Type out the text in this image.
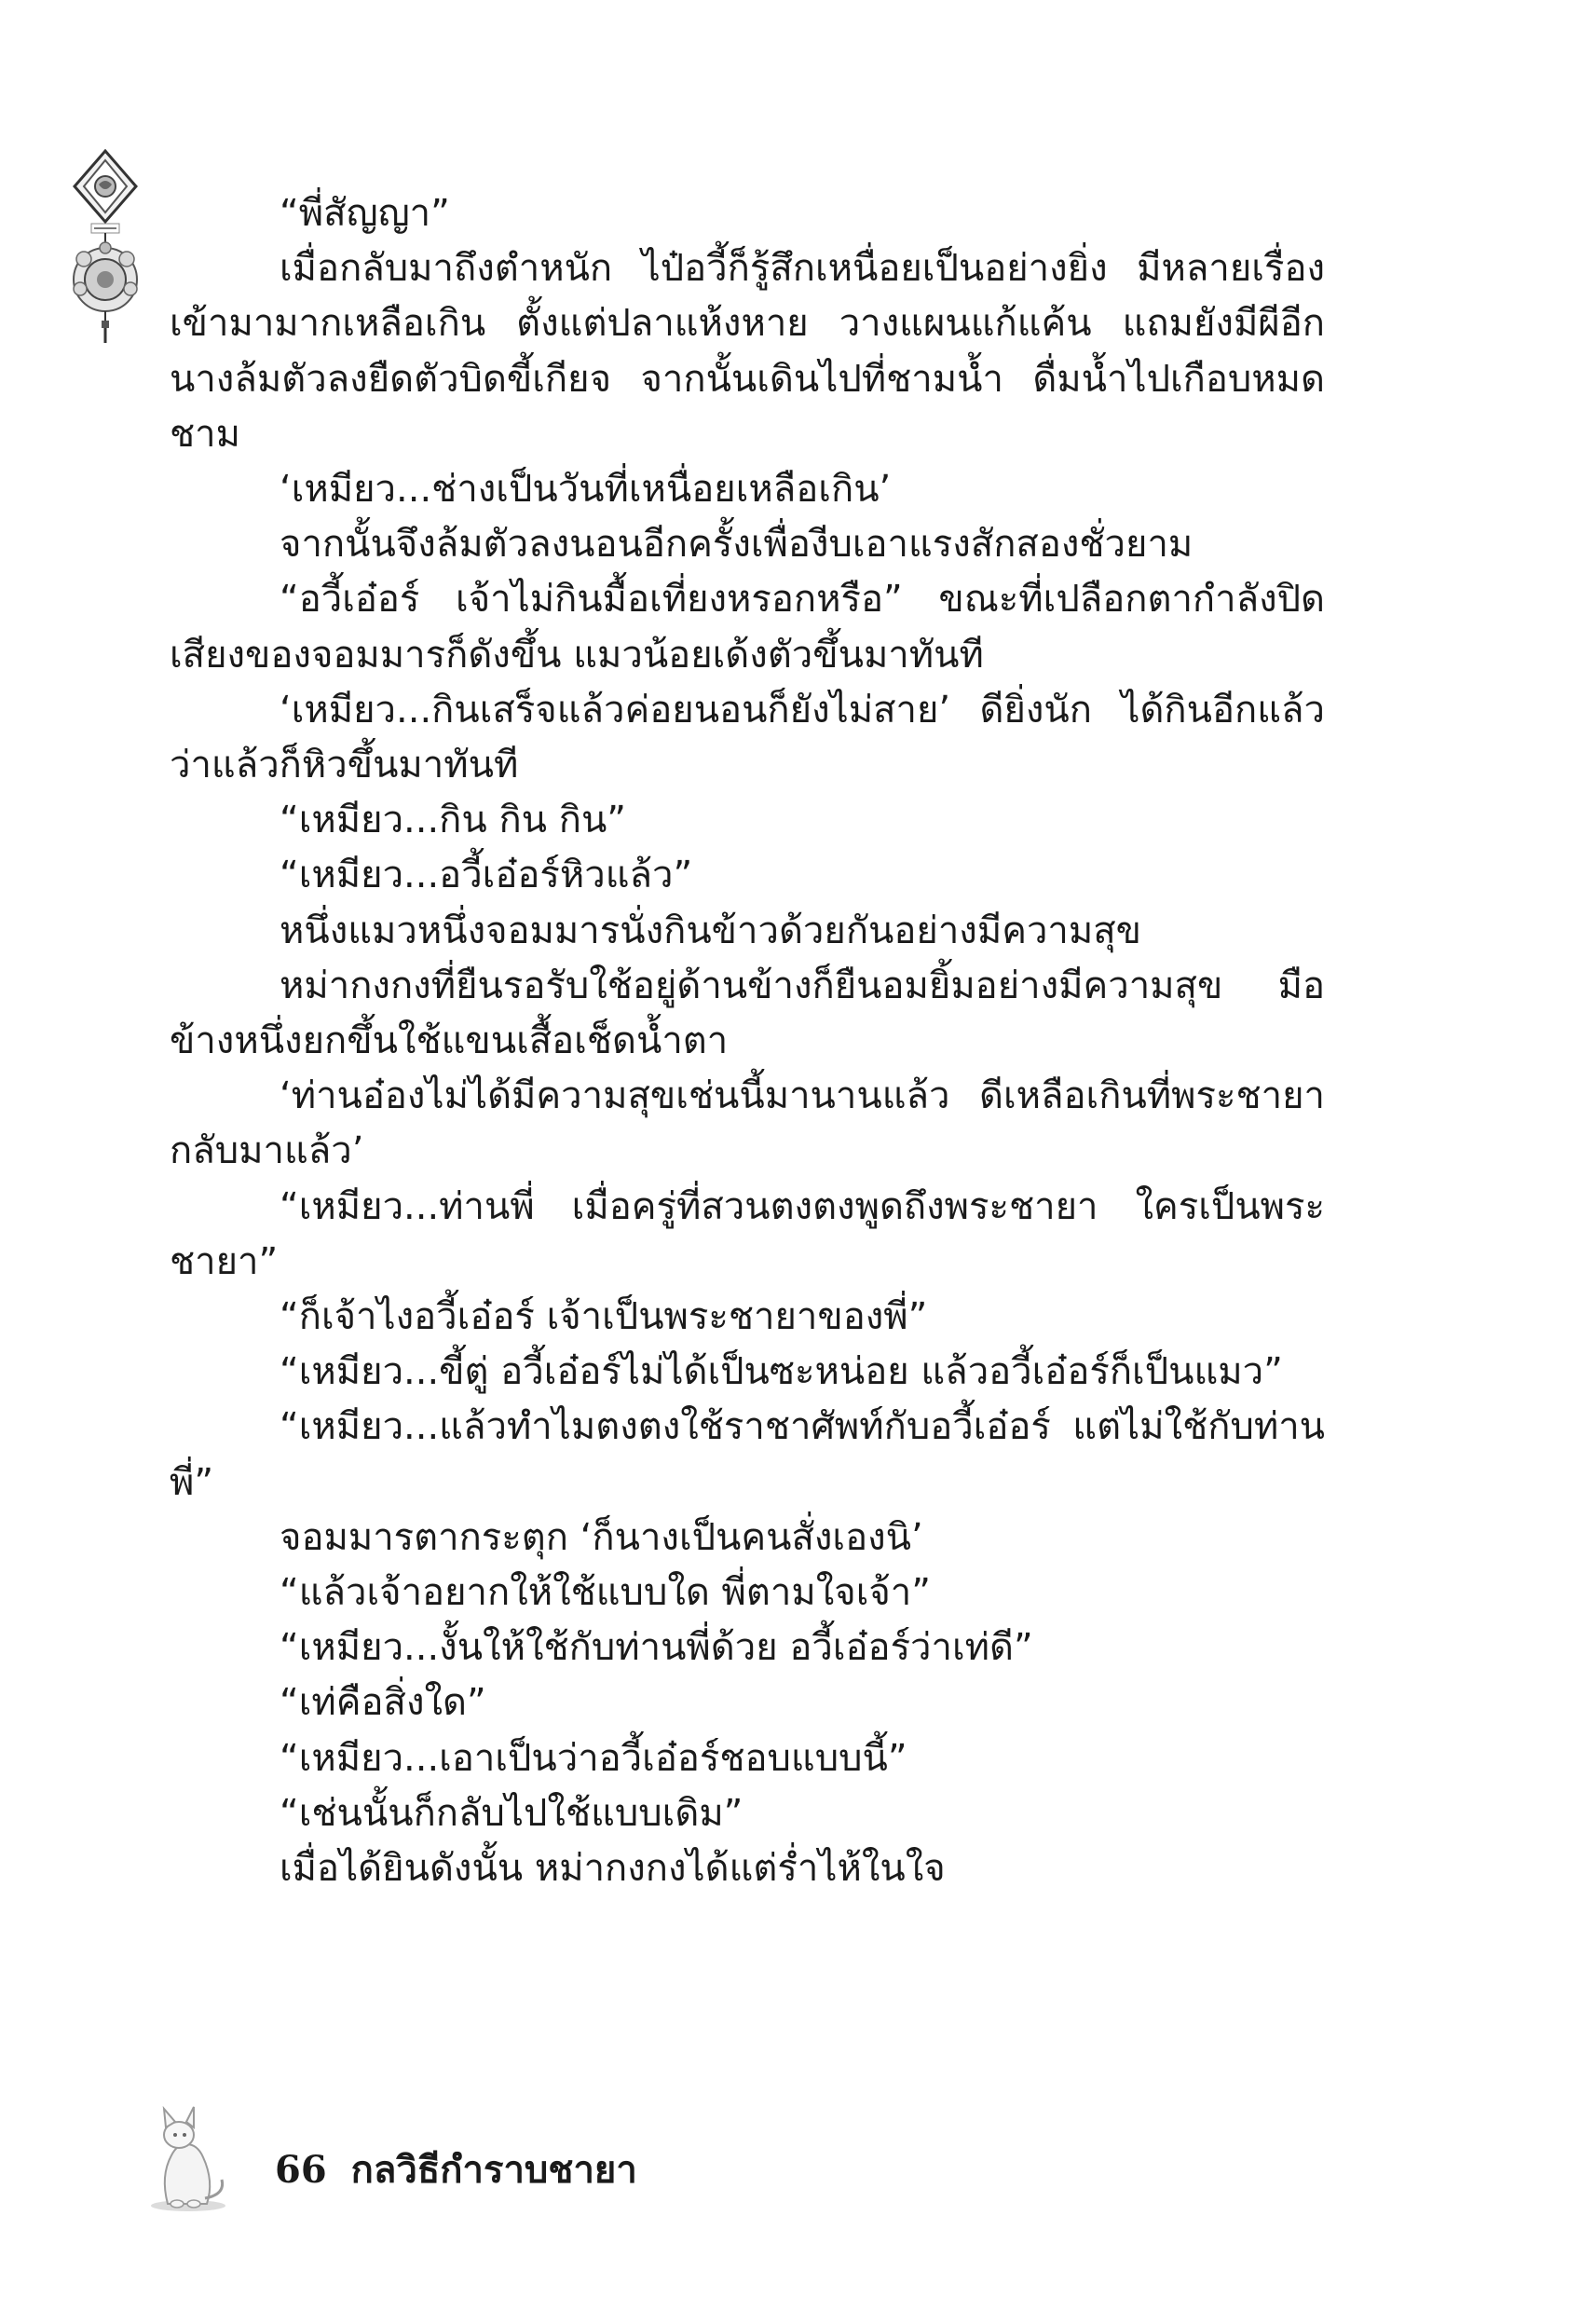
“พี่สัญญา”

เมื่อกลับมาถึงตำหนัก ไป๋อวี้ก็รู้สึกเหนื่อยเป็นอย่างยิ่ง มีหลายเรื่องเข้ามามากเหลือเกิน ตั้งแต่ปลาแห้งหาย วางแผนแก้แค้น แถมยังมีผีอีกนางล้มตัวลงยืดตัวบิดขี้เกียจ จากนั้นเดินไปที่ชามน้ำ ดื่มน้ำไปเกือบหมดชาม

‘เหมียว...ช่างเป็นวันที่เหนื่อยเหลือเกิน’

จากนั้นจึงล้มตัวลงนอนอีกครั้งเพื่องีบเอาแรงสักสองชั่วยาม

“อวี้เอ๋อร์ เจ้าไม่กินมื้อเที่ยงหรอกหรือ” ขณะที่เปลือกตากำลังปิดเสียงของจอมมารก็ดังขึ้น แมวน้อยเด้งตัวขึ้นมาทันที

‘เหมียว...กินเสร็จแล้วค่อยนอนก็ยังไม่สาย’ ดียิ่งนัก ได้กินอีกแล้วว่าแล้วก็หิวขึ้นมาทันที

“เหมียว...กิน กิน กิน”

“เหมียว...อวี้เอ๋อร์หิวแล้ว”

หนึ่งแมวหนึ่งจอมมารนั่งกินข้าวด้วยกันอย่างมีความสุข

หม่ากงกงที่ยืนรอรับใช้อยู่ด้านข้างก็ยืนอมยิ้มอย่างมีความสุข มือข้างหนึ่งยกขึ้นใช้แขนเสื้อเช็ดน้ำตา

‘ท่านอ๋องไม่ได้มีความสุขเช่นนี้มานานแล้ว ดีเหลือเกินที่พระชายากลับมาแล้ว’

“เหมียว...ท่านพี่ เมื่อครู่ที่สวนตงตงพูดถึงพระชายา ใครเป็นพระชายา”

“ก็เจ้าไงอวี้เอ๋อร์ เจ้าเป็นพระชายาของพี่”

“เหมียว...ขี้ตู่ อวี้เอ๋อร์ไม่ได้เป็นซะหน่อย แล้วอวี้เอ๋อร์ก็เป็นแมว”

“เหมียว...แล้วทำไมตงตงใช้ราชาศัพท์กับอวี้เอ๋อร์ แต่ไม่ใช้กับท่านพี่”

จอมมารตากระตุก ‘ก็นางเป็นคนสั่งเองนิ’

“แล้วเจ้าอยากให้ใช้แบบใด พี่ตามใจเจ้า”

“เหมียว...งั้นให้ใช้กับท่านพี่ด้วย อวี้เอ๋อร์ว่าเท่ดี”

“เท่คือสิ่งใด”

“เหมียว...เอาเป็นว่าอวี้เอ๋อร์ชอบแบบนี้”

“เช่นนั้นก็กลับไปใช้แบบเดิม”

เมื่อได้ยินดังนั้น หม่ากงกงได้แต่ร่ำไห้ในใจ

66 กลวิธีกำราบชายา
